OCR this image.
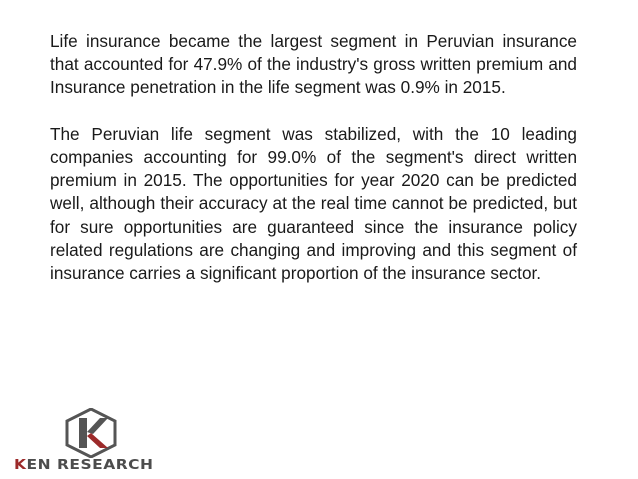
Life insurance became the largest segment in Peruvian insurance that accounted for 47.9% of the industry's gross written premium and Insurance penetration in the life segment was 0.9% in 2015.

The Peruvian life segment was stabilized, with the 10 leading companies accounting for 99.0% of the segment's direct written premium in 2015. The opportunities for year 2020 can be predicted well, although their accuracy at the real time cannot be predicted, but for sure opportunities are guaranteed since the insurance policy related regulations are changing and improving and this segment of insurance carries a significant proportion of the insurance sector.

KEN RESEARCH
